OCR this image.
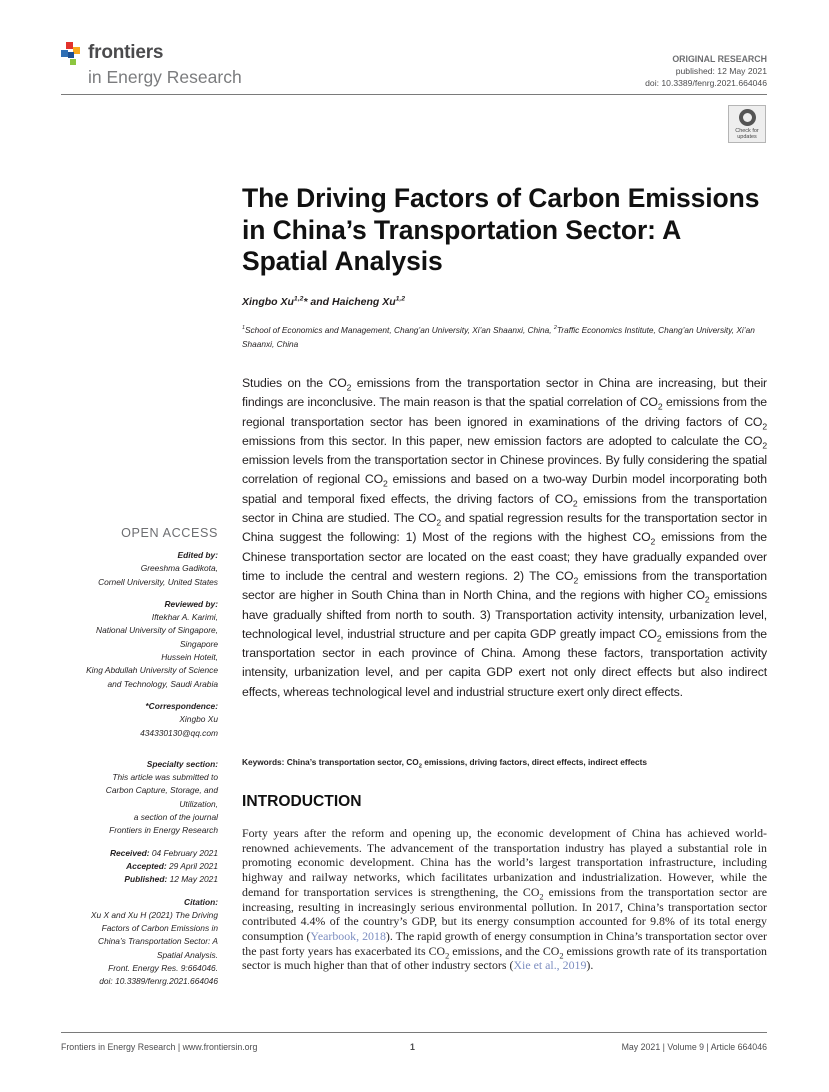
frontiers
in Energy Research
ORIGINAL RESEARCH
published: 12 May 2021
doi: 10.3389/fenrg.2021.664046
Check for
updates
The Driving Factors of Carbon Emissions in China’s Transportation Sector: A Spatial Analysis
Xingbo Xu$^{1,2}$* and Haicheng Xu$^{1,2}$
$^1$School of Economics and Management, Chang’an University, Xi’an Shaanxi, China, $^2$Traffic Economics Institute, Chang’an University, Xi’an Shaanxi, China

Studies on the $CO_2$ emissions from the transportation sector in China are increasing, but their findings are inconclusive. The main reason is that the spatial correlation of $CO_2$ emissions from the regional transportation sector has been ignored in examinations of the driving factors of $CO_2$ emissions from this sector. In this paper, new emission factors are adopted to calculate the $CO_2$ emission levels from the transportation sector in Chinese provinces. By fully considering the spatial correlation of regional $CO_2$ emissions and based on a two-way Durbin model incorporating both spatial and temporal fixed effects, the driving factors of $CO_2$ emissions from the transportation sector in China are studied. The $CO_2$ and spatial regression results for the transportation sector in China suggest the following: 1) Most of the regions with the highest $CO_2$ emissions from the Chinese transportation sector are located on the east coast; they have gradually expanded over time to include the central and western regions. 2) The $CO_2$ emissions from the transportation sector are higher in South China than in North China, and the regions with higher $CO_2$ emissions have gradually shifted from north to south. 3) Transportation activity intensity, urbanization level, technological level, industrial structure and per capita GDP greatly impact $CO_2$ emissions from the transportation sector in each province of China. Among these factors, transportation activity intensity, urbanization level, and per capita GDP exert not only direct effects but also indirect effects, whereas technological level and industrial structure exert only direct effects.

Keywords: China’s transportation sector, $CO_2$ emissions, driving factors, direct effects, indirect effects
OPEN ACCESS
Edited by:
Greeshma Gadikota,
Cornell University, United States
Reviewed by:
Iftekhar A. Karimi,
National University of Singapore,
Singapore
Hussein Hoteit,
King Abdullah University of Science
and Technology, Saudi Arabia
*Correspondence:
Xingbo Xu
434330130@qq.com
Specialty section:
This article was submitted to
Carbon Capture, Storage, and
Utilization,
a section of the journal
Frontiers in Energy Research
Received: 04 February 2021
Accepted: 29 April 2021
Published: 12 May 2021
Citation:
Xu X and Xu H (2021) The Driving
Factors of Carbon Emissions in
China’s Transportation Sector: A
Spatial Analysis.
Front. Energy Res. 9:664046.
doi: 10.3389/fenrg.2021.664046
INTRODUCTION

Forty years after the reform and opening up, the economic development of China has achieved world-renowned achievements. The advancement of the transportation industry has played a substantial role in promoting economic development. China has the world’s largest transportation infrastructure, including highway and railway networks, which facilitates urbanization and industrialization. However, while the demand for transportation services is strengthening, the $CO_2$ emissions from the transportation sector are increasing, resulting in increasingly serious environmental pollution. In 2017, China’s transportation sector contributed 4.4% of the country’s GDP, but its energy consumption accounted for 9.8% of its total energy consumption (Yearbook, 2018). The rapid growth of energy consumption in China’s transportation sector over the past forty years has exacerbated its $CO_2$ emissions, and the $CO_2$ emissions growth rate of its transportation sector is much higher than that of other industry sectors (Xie et al., 2019).

Frontiers in Energy Research | www.frontiersin.org	1	May 2021 | Volume 9 | Article 664046
